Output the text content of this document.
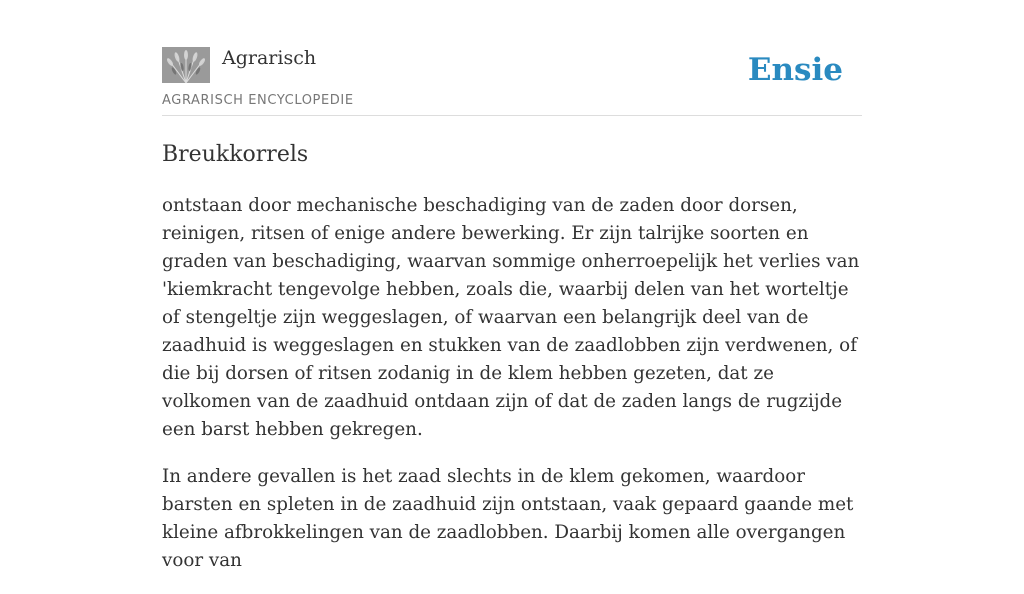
Agrarisch
AGRARISCH ENCYCLOPEDIE
Ensie
Breukkorrels

ontstaan door mechanische beschadiging van de zaden door dorsen, reinigen, ritsen of enige andere bewerking. Er zijn talrijke soorten en graden van beschadiging, waarvan sommige onherroepelijk het verlies van 'kiemkracht tengevolge hebben, zoals die, waarbij delen van het worteltje of stengeltje zijn weggeslagen, of waarvan een belangrijk deel van de zaadhuid is weggeslagen en stukken van de zaadlobben zijn verdwenen, of die bij dorsen of ritsen zodanig in de klem hebben gezeten, dat ze volkomen van de zaadhuid ontdaan zijn of dat de zaden langs de rugzijde een barst hebben gekregen.

In andere gevallen is het zaad slechts in de klem gekomen, waardoor barsten en spleten in de zaadhuid zijn ontstaan, vaak gepaard gaande met kleine afbrokkelingen van de zaadlobben. Daarbij komen alle overgangen voor van
